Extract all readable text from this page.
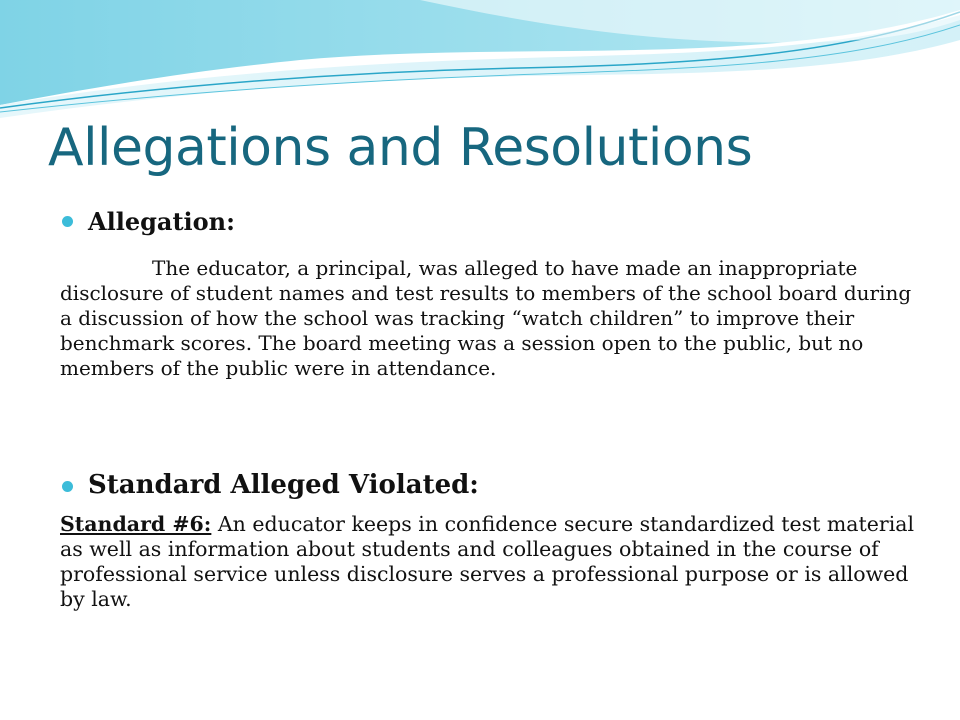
Allegations and Resolutions
Allegation:

The educator, a principal, was alleged to have made an inappropriate disclosure of student names and test results to members of the school board during a discussion of how the school was tracking “watch children” to improve their benchmark scores. The board meeting was a session open to the public, but no members of the public were in attendance.

Standard Alleged Violated:

Standard #6: An educator keeps in confidence secure standardized test material as well as information about students and colleagues obtained in the course of professional service unless disclosure serves a professional purpose or is allowed by law.
